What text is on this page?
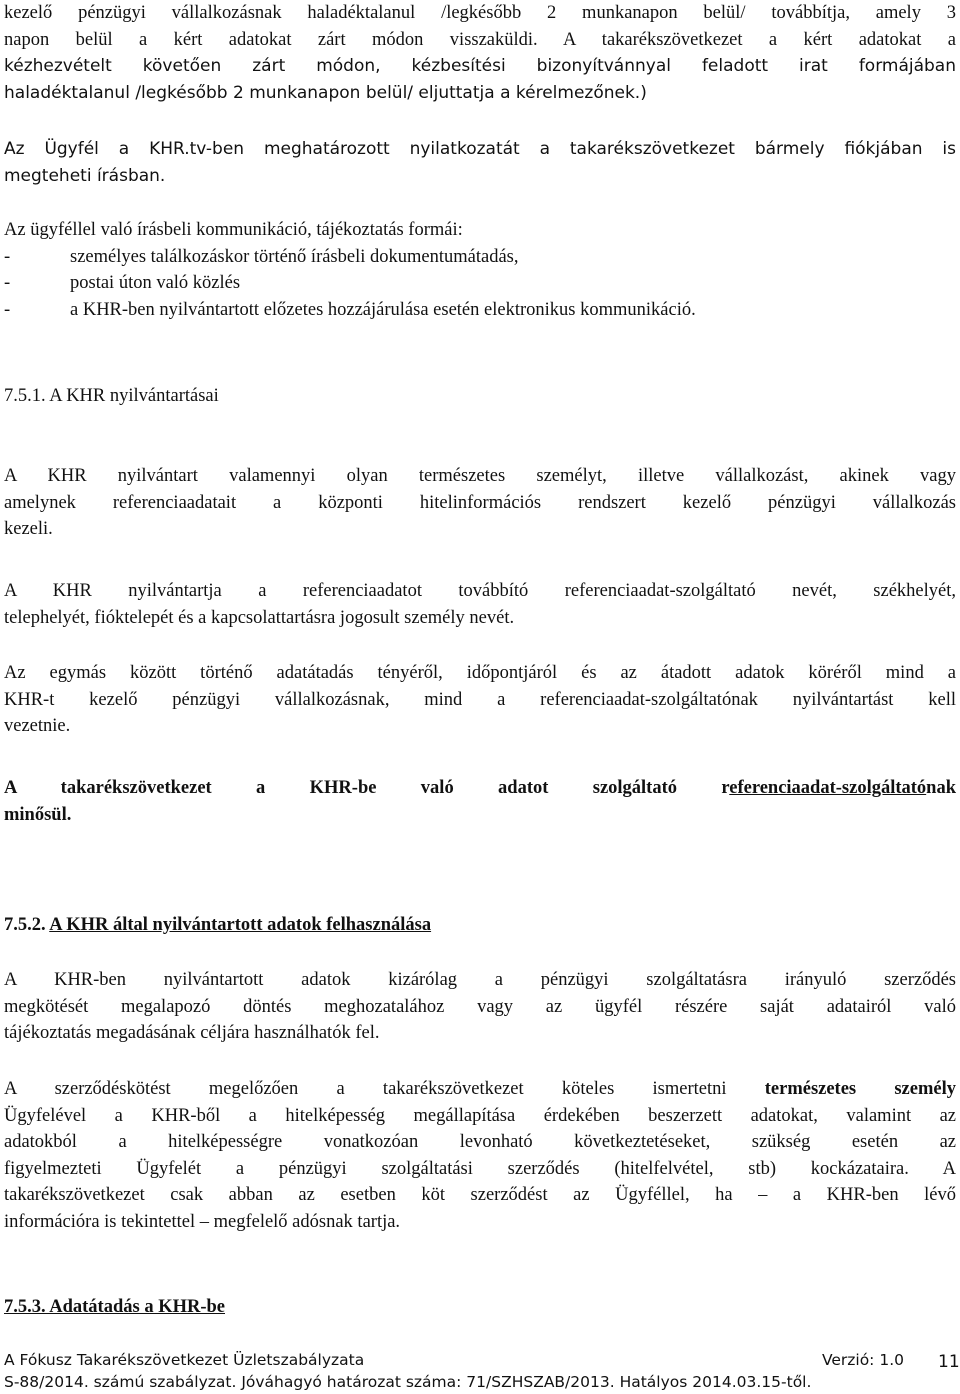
kezelő pénzügyi vállalkozásnak haladéktalanul /legkésőbb 2 munkanapon belül/ továbbítja, amely 3
napon belül a kért adatokat zárt módon visszaküldi. A takarékszövetkezet a kért adatokat a
kézhezvételt követően zárt módon, kézbesítési bizonyítvánnyal feladott irat formájában
haladéktalanul /legkésőbb 2 munkanapon belül/ eljuttatja a kérelmezőnek.)
Az Ügyfél a KHR.tv-ben meghatározott nyilatkozatát a takarékszövetkezet bármely fiókjában is
megteheti írásban.
Az ügyféllel való írásbeli kommunikáció, tájékoztatás formái:
- személyes találkozáskor történő írásbeli dokumentumátadás,
- postai úton való közlés
- a KHR-ben nyilvántartott előzetes hozzájárulása esetén elektronikus kommunikáció.
7.5.1. A KHR nyilvántartásai
A KHR nyilvántart valamennyi olyan természetes személyt, illetve vállalkozást, akinek vagy
amelynek referenciaadatait a központi hitelinformációs rendszert kezelő pénzügyi vállalkozás
kezeli.
A KHR nyilvántartja a referenciaadatot továbbító referenciaadat-szolgáltató nevét, székhelyét,
telephelyét, fióktelepét és a kapcsolattartásra jogosult személy nevét.
Az egymás között történő adatátadás tényéről, időpontjáról és az átadott adatok köréről mind a
KHR-t kezelő pénzügyi vállalkozásnak, mind a referenciaadat-szolgáltatónak nyilvántartást kell
vezetnie.
A takarékszövetkezet a KHR-be való adatot szolgáltató referenciaadat-szolgáltatónak
minősül.
7.5.2. A KHR által nyilvántartott adatok felhasználása
A KHR-ben nyilvántartott adatok kizárólag a pénzügyi szolgáltatásra irányuló szerződés
megkötését megalapozó döntés meghozatalához vagy az ügyfél részére saját adatairól való
tájékoztatás megadásának céljára használhatók fel.
A szerződéskötést megelőzően a takarékszövetkezet köteles ismertetni természetes személy
Ügyfelével a KHR-ből a hitelképesség megállapítása érdekében beszerzett adatokat, valamint az
adatokból a hitelképességre vonatkozóan levonható következtetéseket, szükség esetén az
figyelmezteti Ügyfelét a pénzügyi szolgáltatási szerződés (hitelfelvétel, stb) kockázataira. A
takarékszövetkezet csak abban az esetben köt szerződést az Ügyféllel, ha – a KHR-ben lévő
információra is tekintettel – megfelelő adósnak tartja.
7.5.3. Adatátadás a KHR-be
A Fókusz Takarékszövetkezet Üzletszabályzata	Verzió: 1.0
S-88/2014. számú szabályzat. Jóváhagyó határozat száma: 71/SZHSZAB/2013. Hatályos 2014.03.15-től.
11
